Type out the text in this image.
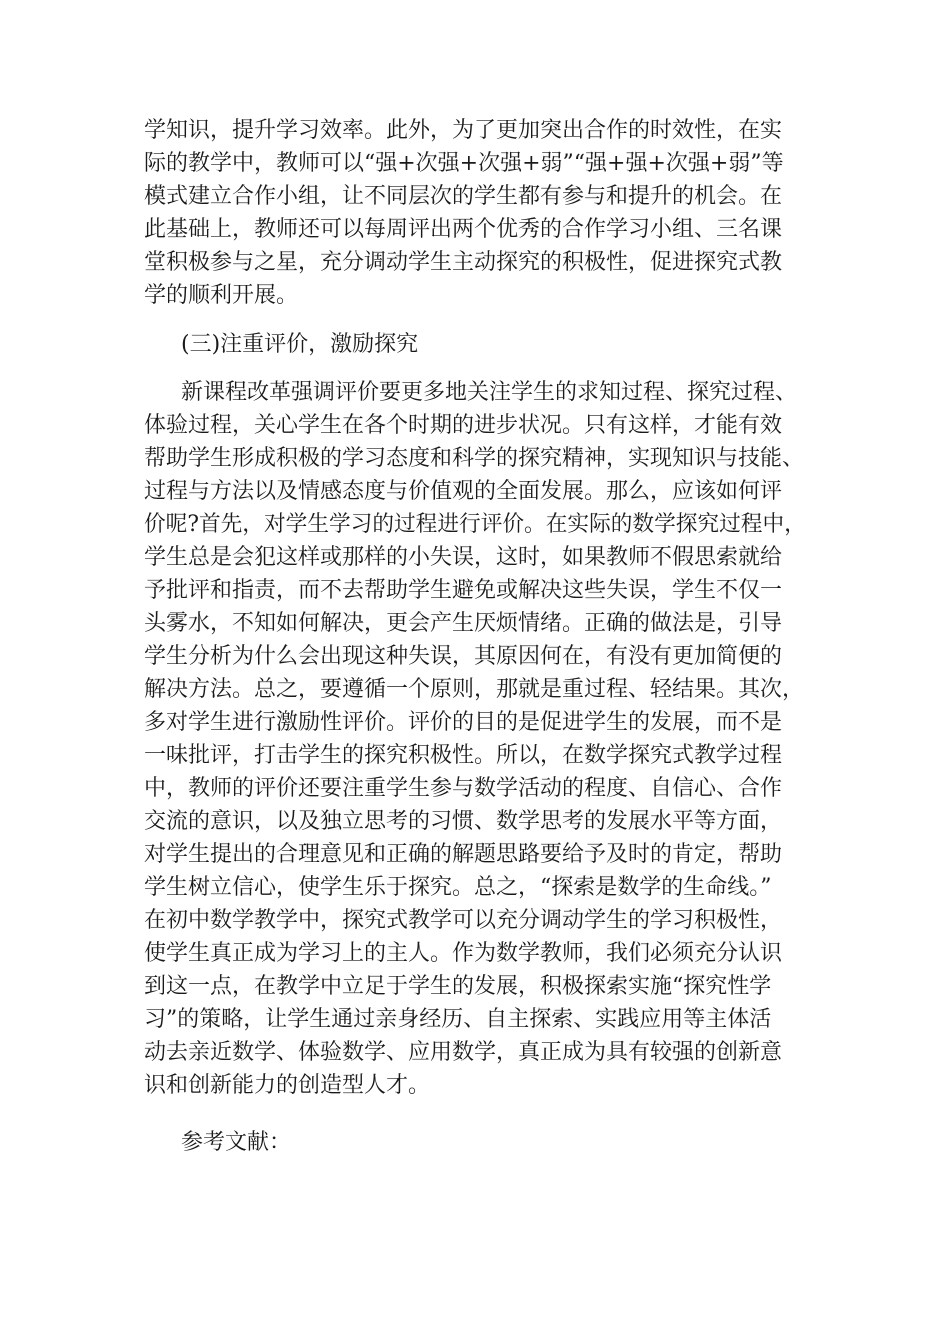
学知识，提升学习效率。此外，为了更加突出合作的时效性，在实

际的教学中，教师可以“强+次强+次强+弱”“强+强+次强+弱”等

模式建立合作小组，让不同层次的学生都有参与和提升的机会。在

此基础上，教师还可以每周评出两个优秀的合作学习小组、三名课

堂积极参与之星，充分调动学生主动探究的积极性，促进探究式教

学的顺利开展。

(三)注重评价，激励探究

新课程改革强调评价要更多地关注学生的求知过程、探究过程、

体验过程，关心学生在各个时期的进步状况。只有这样，才能有效

帮助学生形成积极的学习态度和科学的探究精神，实现知识与技能、

过程与方法以及情感态度与价值观的全面发展。那么，应该如何评

价呢?首先，对学生学习的过程进行评价。在实际的数学探究过程中，

学生总是会犯这样或那样的小失误，这时，如果教师不假思索就给

予批评和指责，而不去帮助学生避免或解决这些失误，学生不仅一

头雾水，不知如何解决，更会产生厌烦情绪。正确的做法是，引导

学生分析为什么会出现这种失误，其原因何在，有没有更加简便的

解决方法。总之，要遵循一个原则，那就是重过程、轻结果。其次，

多对学生进行激励性评价。评价的目的是促进学生的发展，而不是

一味批评，打击学生的探究积极性。所以，在数学探究式教学过程

中，教师的评价还要注重学生参与数学活动的程度、自信心、合作

交流的意识，以及独立思考的习惯、数学思考的发展水平等方面，

对学生提出的合理意见和正确的解题思路要给予及时的肯定，帮助

学生树立信心，使学生乐于探究。总之，“探索是数学的生命线。”

在初中数学教学中，探究式教学可以充分调动学生的学习积极性，

使学生真正成为学习上的主人。作为数学教师，我们必须充分认识

到这一点，在教学中立足于学生的发展，积极探索实施“探究性学

习”的策略，让学生通过亲身经历、自主探索、实践应用等主体活

动去亲近数学、体验数学、应用数学，真正成为具有较强的创新意

识和创新能力的创造型人才。

参考文献：
